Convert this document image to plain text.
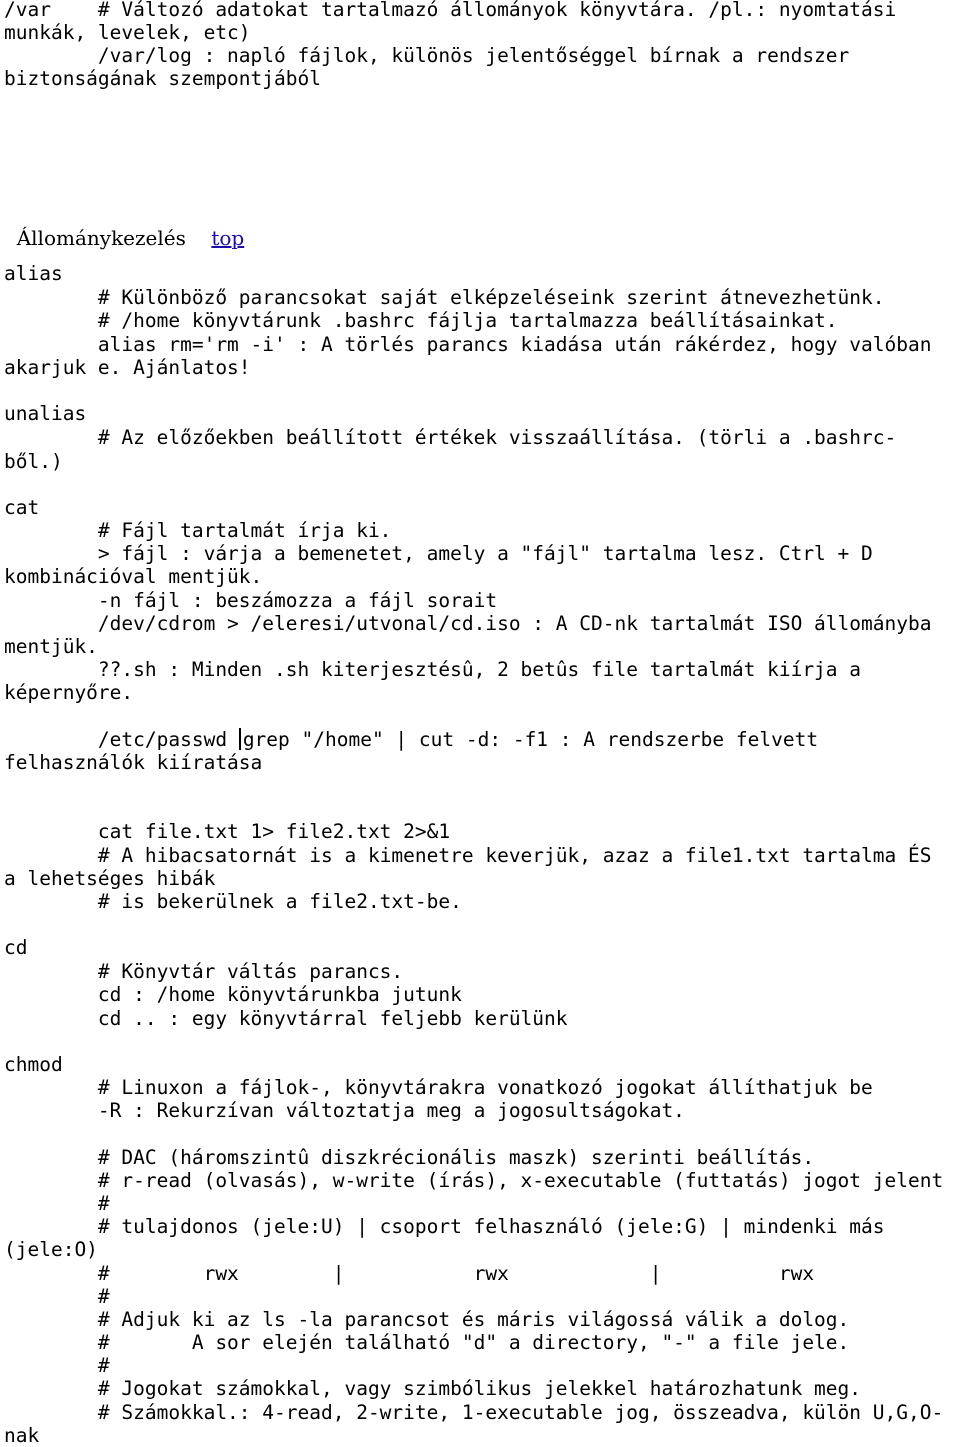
/var    # Változó adatokat tartalmazó állományok könyvtára. /pl.: nyomtatási
munkák, levelek, etc)
/var/log : napló fájlok, különös jelentőséggel bírnak a rendszer
biztonságának szempontjából

Állománykezelés top

alias
# Különböző parancsokat saját elképzeléseink szerint átnevezhetünk.
# /home könyvtárunk .bashrc fájlja tartalmazza beállításainkat.
alias rm='rm -i' : A törlés parancs kiadása után rákérdez, hogy valóban
akarjuk e. Ajánlatos!
unalias
# Az előzőekben beállított értékek visszaállítása. (törli a .bashrc-
ből.)
cat
# Fájl tartalmát írja ki.
> fájl : várja a bemenetet, amely a "fájl" tartalma lesz. Ctrl + D
kombinációval mentjük.
-n fájl : beszámozza a fájl sorait
/dev/cdrom > /eleresi/utvonal/cd.iso : A CD-nk tartalmát ISO állományba
mentjük.
??.sh : Minden .sh kiterjesztésû, 2 betûs file tartalmát kiírja a
képernyőre.
/etc/passwd grep "/home" | cut -d: -f1 : A rendszerbe felvett
felhasználók kiíratása
cat file.txt 1> file2.txt 2>&1
# A hibacsatornát is a kimenetre keverjük, azaz a file1.txt tartalma ÉS
a lehetséges hibák
# is bekerülnek a file2.txt-be.
cd
# Könyvtár váltás parancs.
cd : /home könyvtárunkba jutunk
cd .. : egy könyvtárral feljebb kerülünk
chmod
# Linuxon a fájlok-, könyvtárakra vonatkozó jogokat állíthatjuk be
-R : Rekurzívan változtatja meg a jogosultságokat.
# DAC (háromszintû diszkrécionális maszk) szerinti beállítás.
# r-read (olvasás), w-write (írás), x-executable (futtatás) jogot jelent
#
# tulajdonos (jele:U) | csoport felhasználó (jele:G) | mindenki más
(jele:O)
#        rwx        |           rwx            |          rwx
#
# Adjuk ki az ls -la parancsot és máris világossá válik a dolog.
#       A sor elején található "d" a directory, "-" a file jele.
#
# Jogokat számokkal, vagy szimbólikus jelekkel határozhatunk meg.
# Számokkal.: 4-read, 2-write, 1-executable jog, összeadva, külön U,G,O-
nak
